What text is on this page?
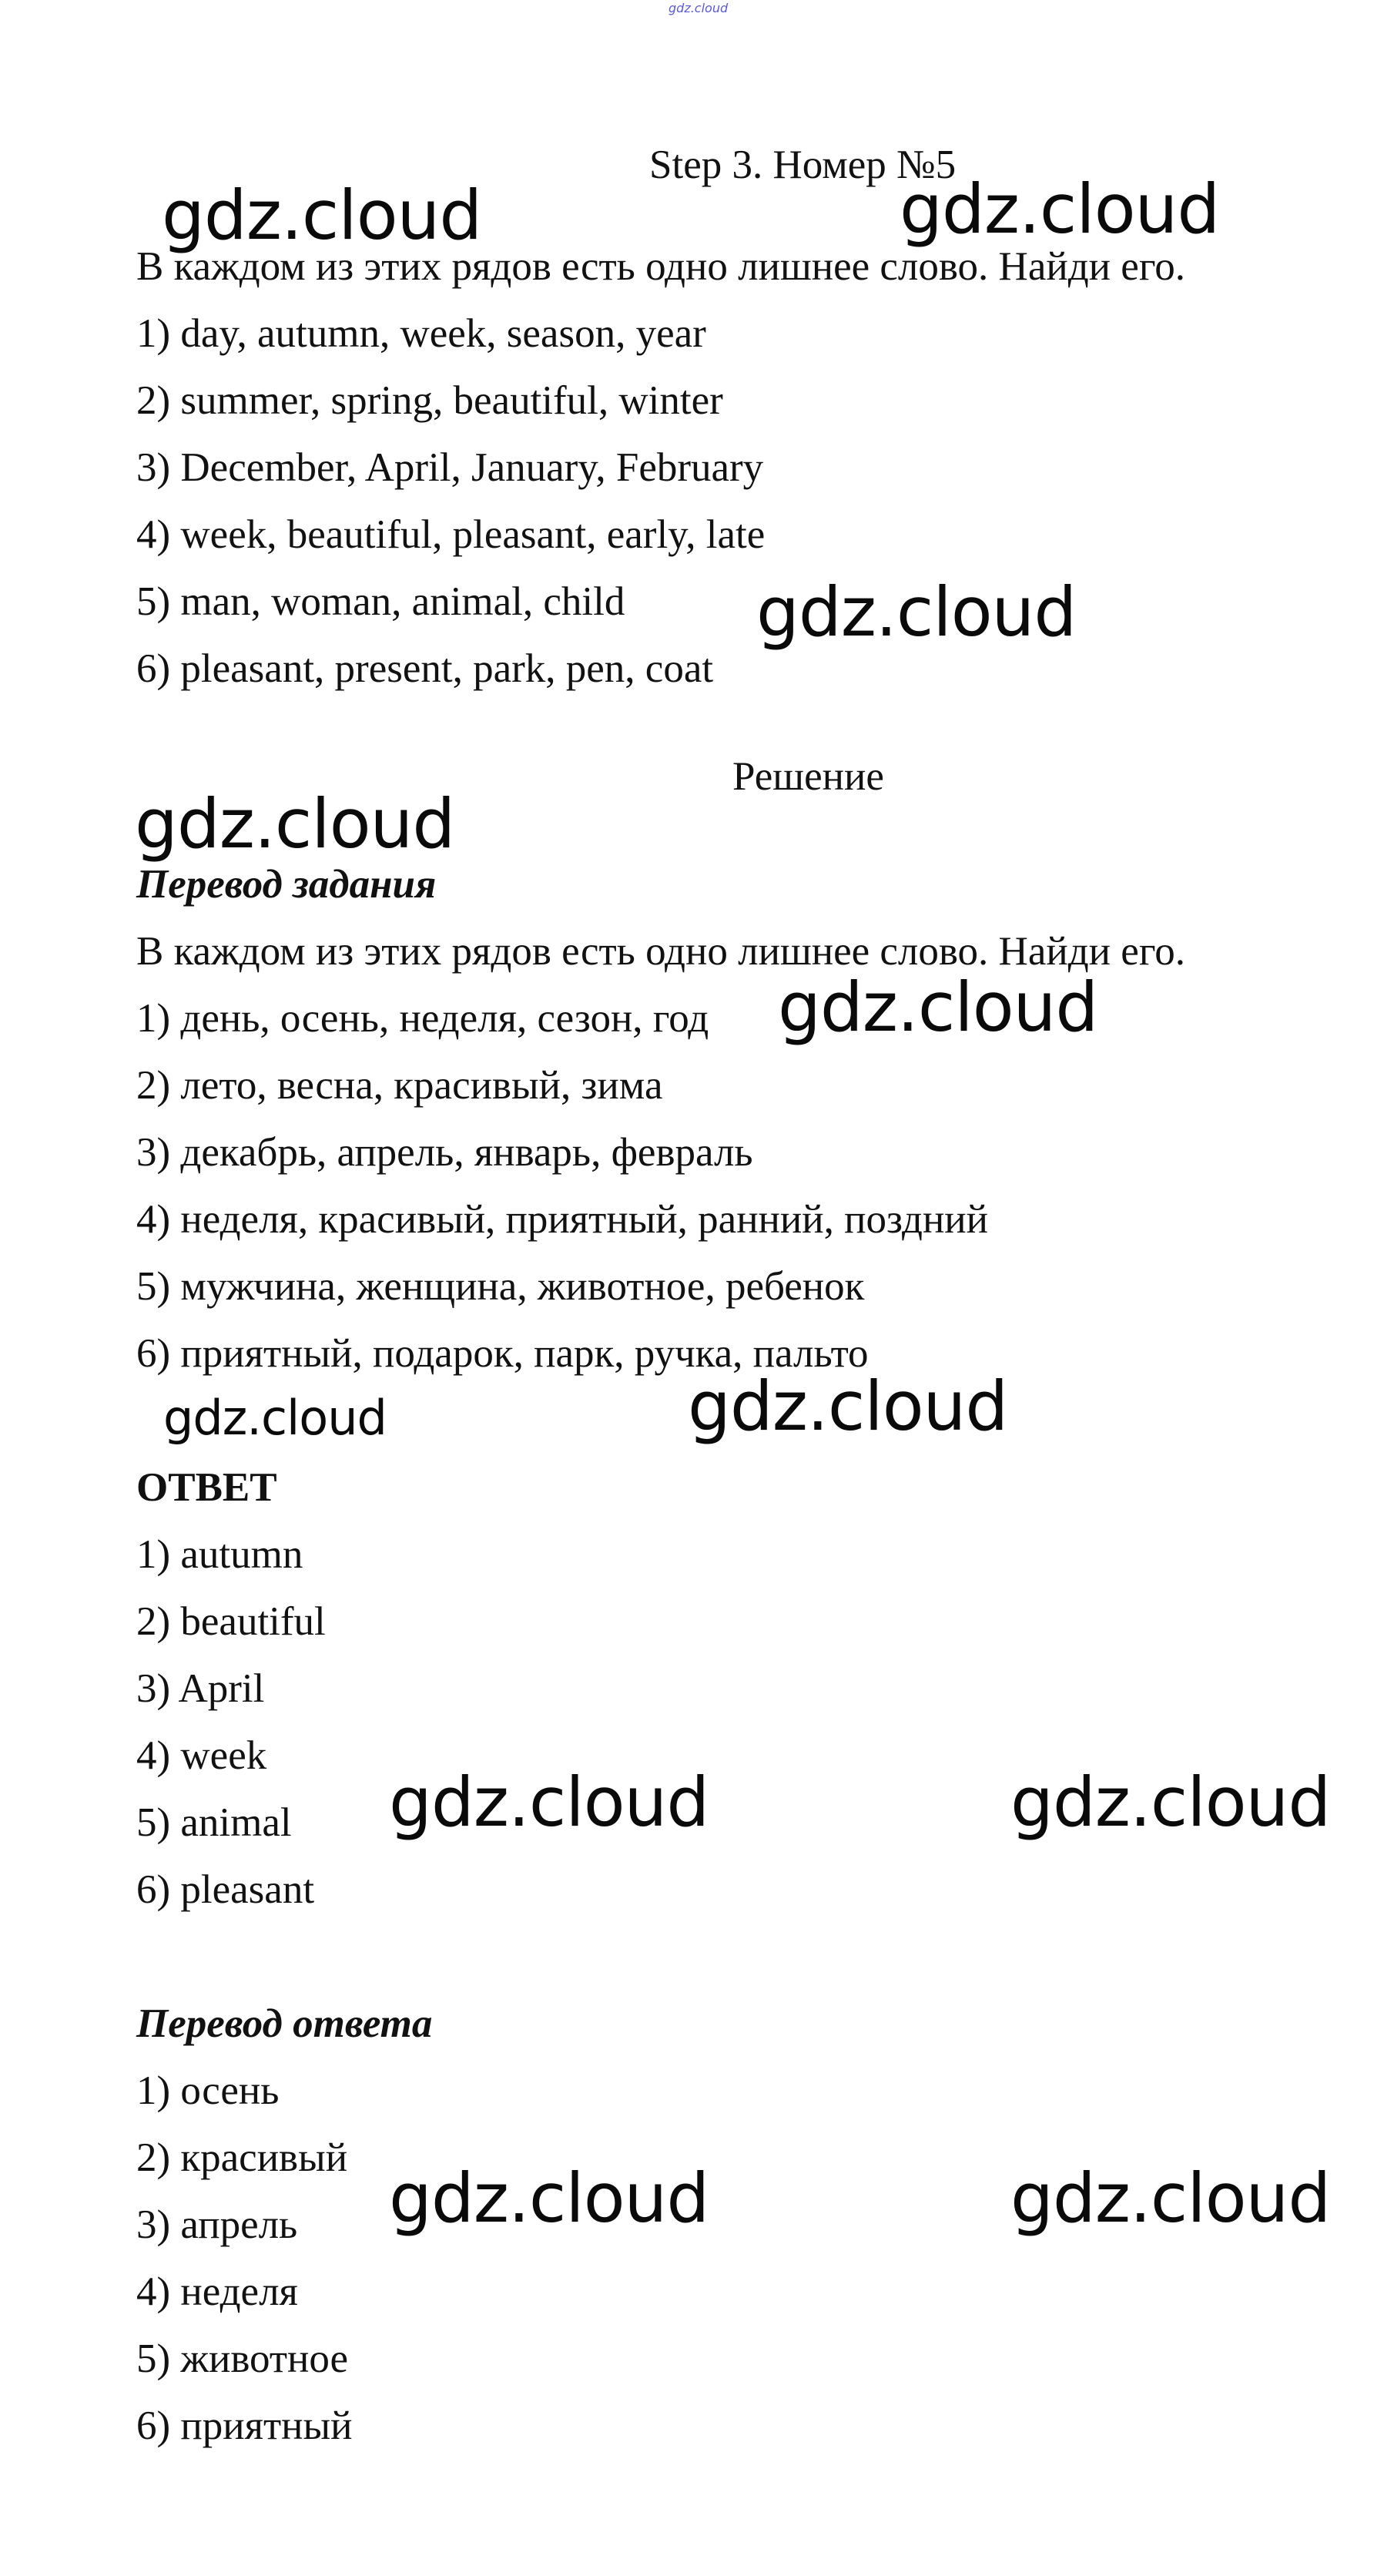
gdz.cloud
Step 3. Номер №5
В каждом из этих рядов есть одно лишнее слово. Найди его.
1) day, autumn, week, season, year
2) summer, spring, beautiful, winter
3) December, April, January, February
4) week, beautiful, pleasant, early, late
5) man, woman, animal, child
6) pleasant, present, park, pen, coat
Решение
Перевод задания
В каждом из этих рядов есть одно лишнее слово. Найди его.
1) день, осень, неделя, сезон, год
2) лето, весна, красивый, зима
3) декабрь, апрель, январь, февраль
4) неделя, красивый, приятный, ранний, поздний
5) мужчина, женщина, животное, ребенок
6) приятный, подарок, парк, ручка, пальто
ОТВЕТ
1) autumn
2) beautiful
3) April
4) week
5) animal
6) pleasant
Перевод ответа
1) осень
2) красивый
3) апрель
4) неделя
5) животное
6) приятный
gdz.cloud	gdz.cloud
gdz.cloud
gdz.cloud
gdz.cloud
gdz.cloud	gdz.cloud
gdz.cloud	gdz.cloud
gdz.cloud	gdz.cloud
